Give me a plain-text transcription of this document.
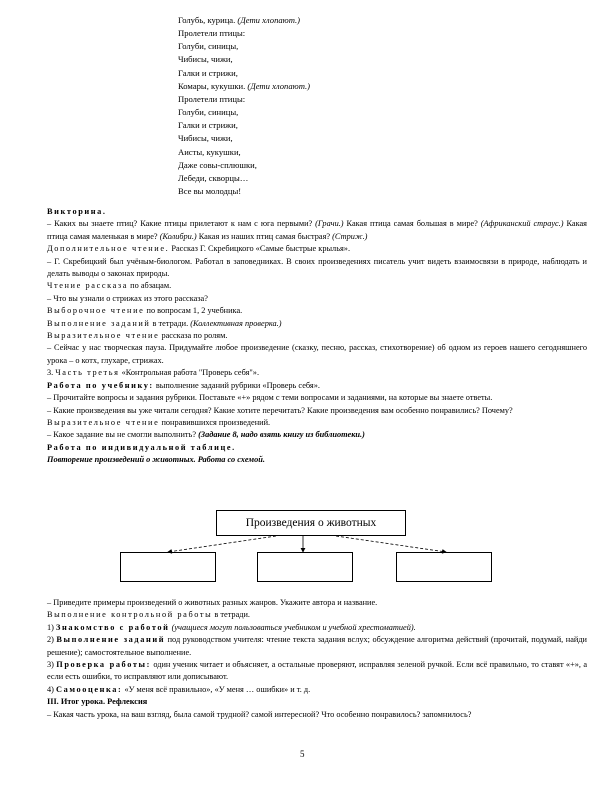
Голубь, курица. (Дети хлопают.)
Пролетели птицы:
Голуби, синицы,
Чибисы, чижи,
Галки и стрижи,
Комары, кукушки. (Дети хлопают.)
Пролетели птицы:
Голуби, синицы,
Галки и стрижи,
Чибисы, чижи,
Аисты, кукушки,
Даже совы-сплюшки,
Лебеди, скворцы…
Все вы молодцы!

Викторина.

– Каких вы знаете птиц? Какие птицы прилетают к нам с юга первыми? (Грачи.) Какая птица самая большая в мире? (Африканский страус.) Какая птица самая маленькая в мире? (Колибри.) Какая из наших птиц самая быстрая? (Стриж.)

Дополнительное чтение. Рассказ Г. Скребицкого «Самые быстрые крылья».

– Г. Скребицкий был учёным-биологом. Работал в заповедниках. В своих произведениях писатель учит видеть взаимосвязи в природе, наблюдать и делать выводы о законах природы.

Чтение рассказа по абзацам.

– Что вы узнали о стрижах из этого рассказа?

Выборочное чтение по вопросам 1, 2 учебника.

Выполнение заданий в тетради. (Коллективная проверка.)

Выразительное чтение рассказа по ролям.

– Сейчас у нас творческая пауза. Придумайте любое произведение (сказку, песню, рассказ, стихотворение) об одном из героев нашего сегодняшнего урока – о котх, глухаре, стрижах.

3. Часть третья «Контрольная работа "Проверь себя"».

Работа по учебнику: выполнение заданий рубрики «Проверь себя».

– Прочитайте вопросы и задания рубрики. Поставьте «+» рядом с теми вопросами и заданиями, на которые вы знаете ответы.

– Какие произведения вы уже читали сегодня? Какие хотите перечитать? Какие произведения вам особенно понравились? Почему?

Выразительное чтение понравившихся произведений.

– Какое задание вы не смогли выполнить? (Задание 8, надо взять книгу из библиотеки.)

Работа по индивидуальной таблице.

Повторение произведений о животных. Работа со схемой.

Произведения о животных

– Приведите примеры произведений о животных разных жанров. Укажите автора и название.

Выполнение контрольной работы в тетради.

1) Знакомство с работой (учащиеся могут пользоваться учебником и учебной хрестоматией).

2) Выполнение заданий под руководством учителя: чтение текста задания вслух; обсуждение алгоритма действий (прочитай, подумай, найди решение); самостоятельное выполнение.

3) Проверка работы: один ученик читает и объясняет, а остальные проверяют, исправляя зеленой ручкой. Если всё правильно, то ставят «+», а если есть ошибки, то исправляют или дописывают.

4) Самооценка: «У меня всё правильно», «У меня … ошибки» и т. д.

III. Итог урока. Рефлексия

– Какая часть урока, на ваш взгляд, была самой трудной? самой интересной? Что особенно понравилось? запомнилось?

5
